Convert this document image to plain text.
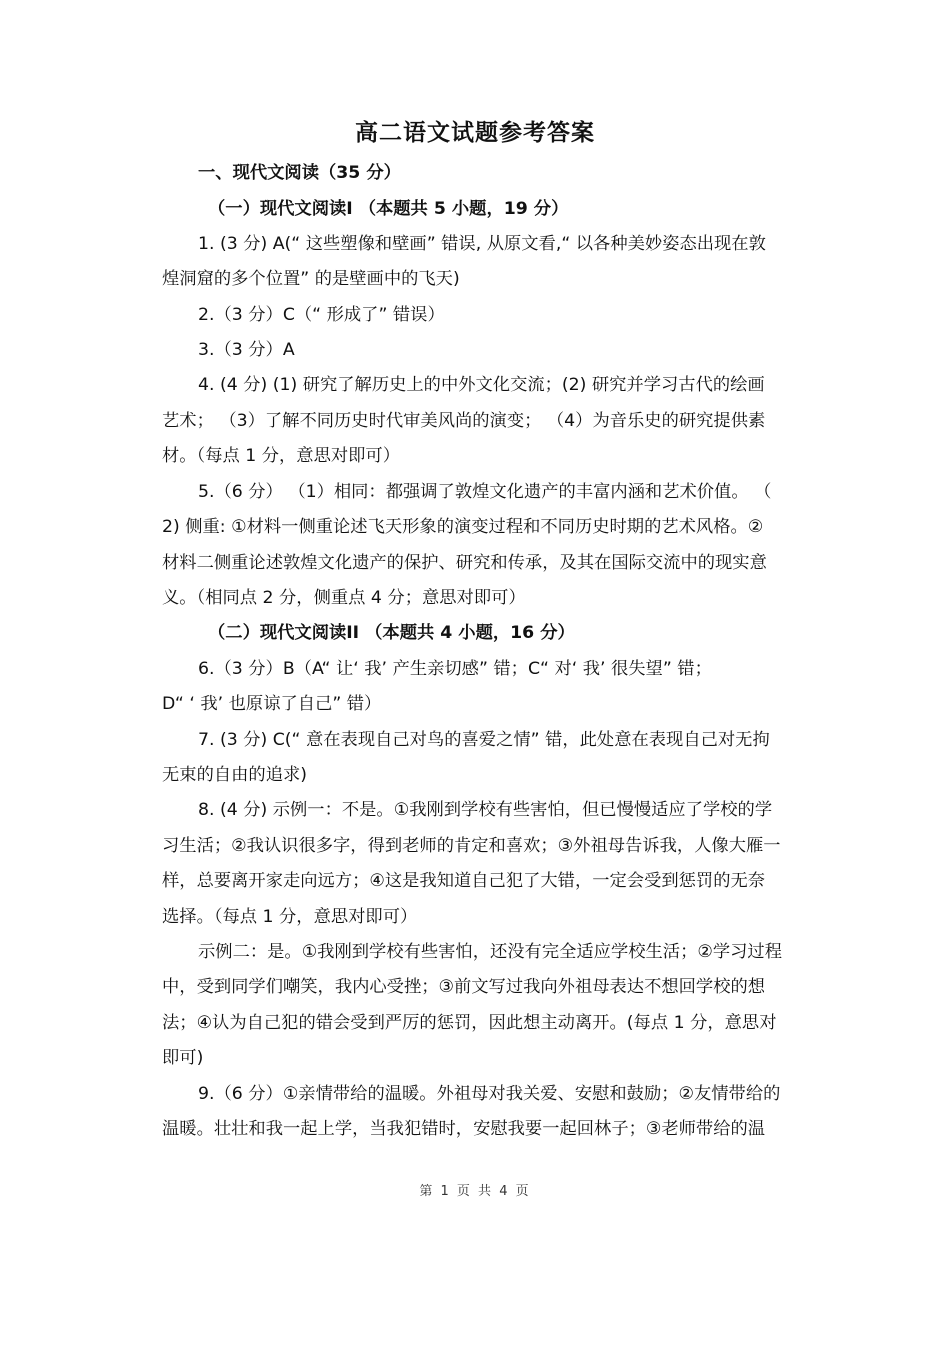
高二语文试题参考答案
一、现代文阅读（35 分）
（一）现代文阅读I （本题共 5 小题，19 分）
1. (3 分) A(“ 这些塑像和壁画” 错误, 从原文看,“ 以各种美妙姿态出现在敦
煌洞窟的多个位置” 的是壁画中的飞天)
2.（3 分）C（“ 形成了” 错误）
3.（3 分）A
4. (4 分) (1) 研究了解历史上的中外文化交流；(2) 研究并学习古代的绘画
艺术； （3）了解不同历史时代审美风尚的演变； （4）为音乐史的研究提供素
材。（每点 1 分，意思对即可）
5.（6 分） （1）相同：都强调了敦煌文化遗产的丰富内涵和艺术价值。 （
2) 侧重: ①材料一侧重论述飞天形象的演变过程和不同历史时期的艺术风格。②
材料二侧重论述敦煌文化遗产的保护、研究和传承，及其在国际交流中的现实意
义。（相同点 2 分，侧重点 4 分；意思对即可）
（二）现代文阅读II （本题共 4 小题，16 分）
6.（3 分）B（A“ 让‘ 我’ 产生亲切感” 错；C“ 对‘ 我’ 很失望” 错；
D“ ‘ 我’ 也原谅了自己” 错）
7. (3 分) C(“ 意在表现自己对鸟的喜爱之情” 错，此处意在表现自己对无拘
无束的自由的追求)
8. (4 分) 示例一：不是。①我刚到学校有些害怕，但已慢慢适应了学校的学
习生活；②我认识很多字，得到老师的肯定和喜欢；③外祖母告诉我，人像大雁一
样，总要离开家走向远方；④这是我知道自己犯了大错，一定会受到惩罚的无奈
选择。（每点 1 分，意思对即可）
示例二：是。①我刚到学校有些害怕，还没有完全适应学校生活；②学习过程
中，受到同学们嘲笑，我内心受挫；③前文写过我向外祖母表达不想回学校的想
法；④认为自己犯的错会受到严厉的惩罚，因此想主动离开。(每点 1 分，意思对
即可)
9.（6 分）①亲情带给的温暖。外祖母对我关爱、安慰和鼓励；②友情带给的
温暖。壮壮和我一起上学，当我犯错时，安慰我要一起回林子；③老师带给的温
第 1 页 共 4 页
